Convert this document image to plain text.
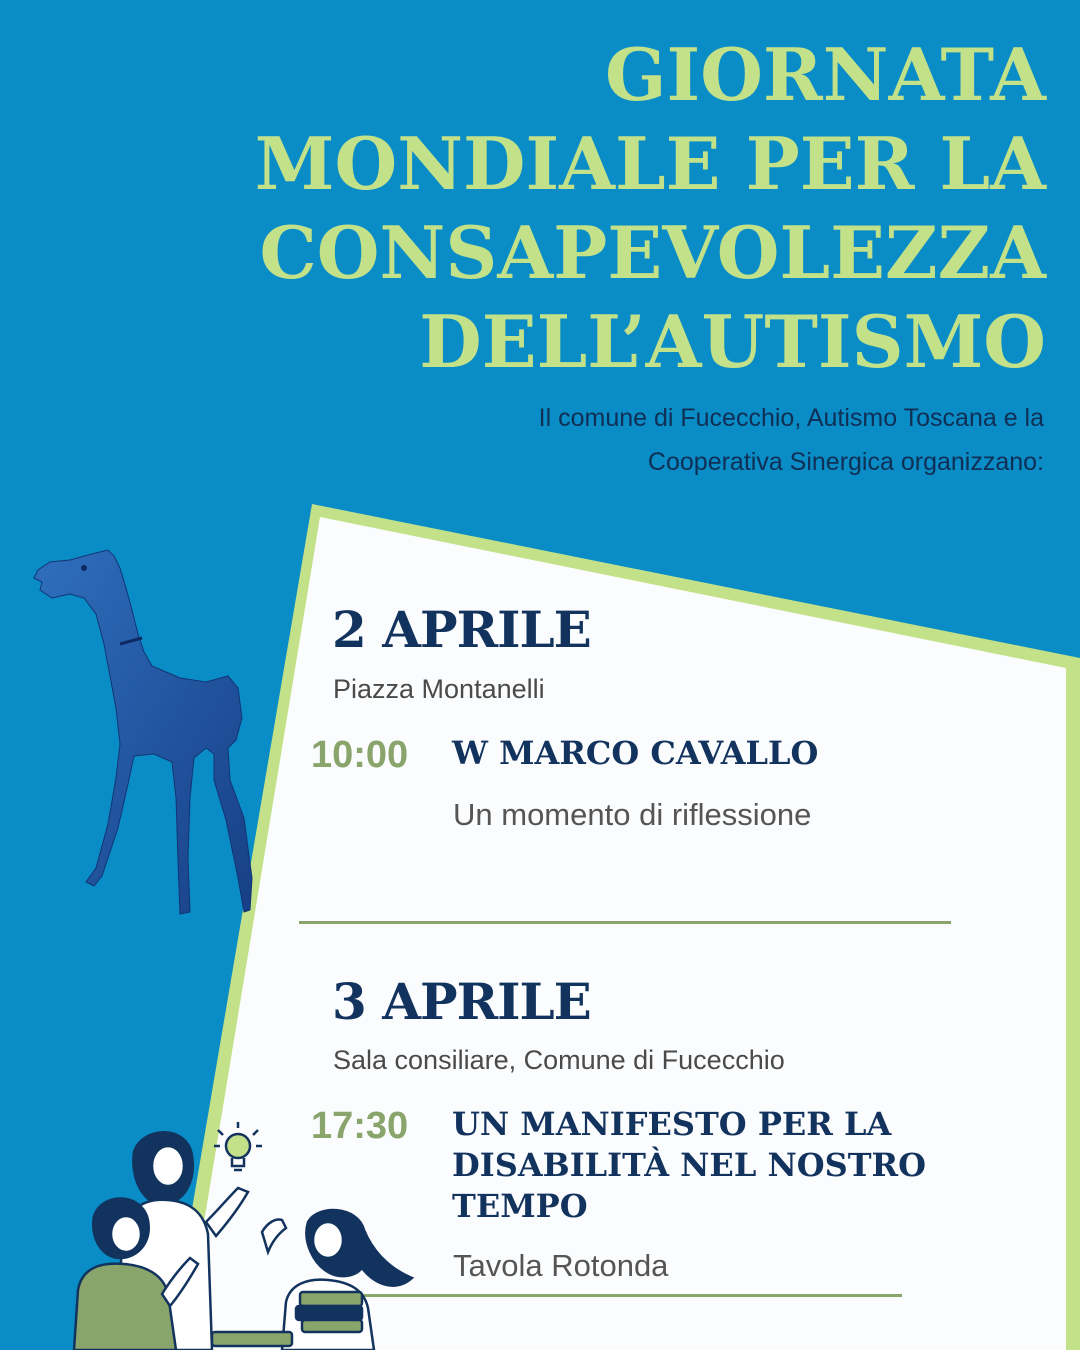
GIORNATA
MONDIALE PER LA
CONSAPEVOLEZZA
DELL’AUTISMO
Il comune di Fucecchio, Autismo Toscana e la
Cooperativa Sinergica organizzano:
2 APRILE
Piazza Montanelli
10:00 W MARCO CAVALLO
Un momento di riflessione
3 APRILE
Sala consiliare, Comune di Fucecchio
17:30 UN MANIFESTO PER LA
DISABILITÀ NEL NOSTRO
TEMPO
Tavola Rotonda
